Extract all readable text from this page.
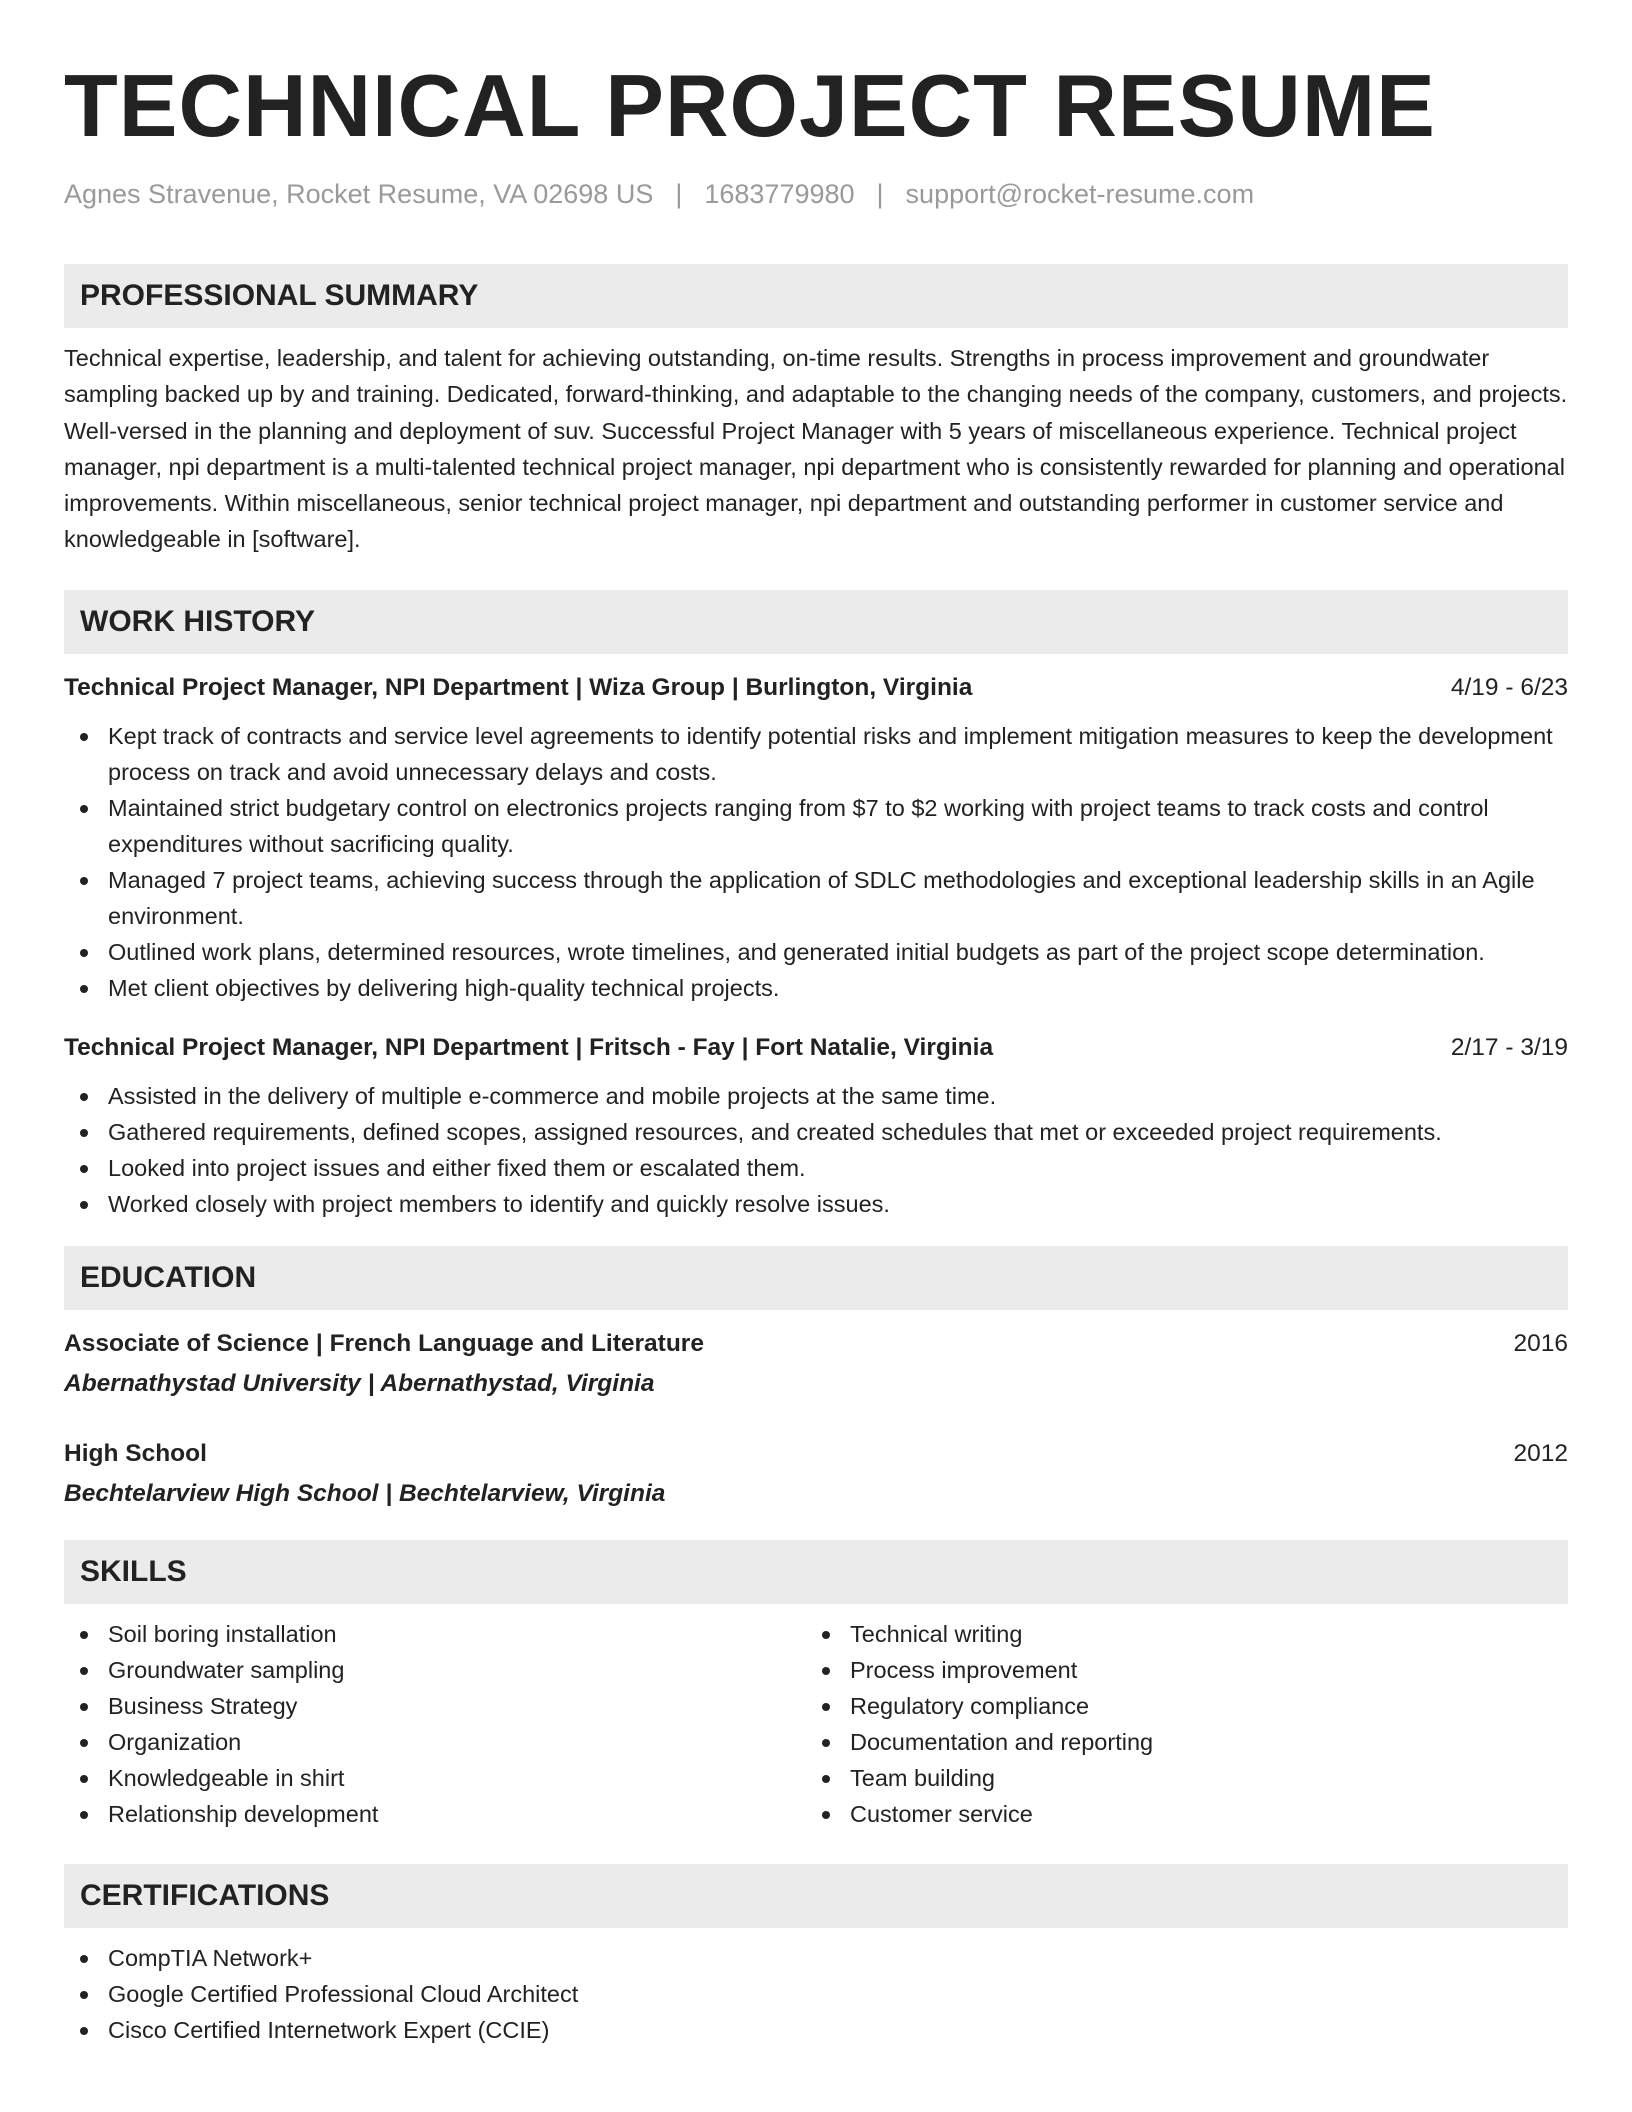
TECHNICAL PROJECT RESUME
Agnes Stravenue, Rocket Resume, VA 02698 US | 1683779980 | support@rocket-resume.com
PROFESSIONAL SUMMARY

Technical expertise, leadership, and talent for achieving outstanding, on-time results. Strengths in process improvement and groundwater sampling backed up by and training. Dedicated, forward-thinking, and adaptable to the changing needs of the company, customers, and projects. Well-versed in the planning and deployment of suv. Successful Project Manager with 5 years of miscellaneous experience. Technical project manager, npi department is a multi-talented technical project manager, npi department who is consistently rewarded for planning and operational improvements. Within miscellaneous, senior technical project manager, npi department and outstanding performer in customer service and knowledgeable in [software].

WORK HISTORY
Technical Project Manager, NPI Department | Wiza Group | Burlington, Virginia	4/19 - 6/23
Kept track of contracts and service level agreements to identify potential risks and implement mitigation measures to keep the development process on track and avoid unnecessary delays and costs.
Maintained strict budgetary control on electronics projects ranging from $7 to $2 working with project teams to track costs and control expenditures without sacrificing quality.
Managed 7 project teams, achieving success through the application of SDLC methodologies and exceptional leadership skills in an Agile environment.
Outlined work plans, determined resources, wrote timelines, and generated initial budgets as part of the project scope determination.
Met client objectives by delivering high-quality technical projects.
Technical Project Manager, NPI Department | Fritsch - Fay | Fort Natalie, Virginia	2/17 - 3/19
Assisted in the delivery of multiple e-commerce and mobile projects at the same time.
Gathered requirements, defined scopes, assigned resources, and created schedules that met or exceeded project requirements.
Looked into project issues and either fixed them or escalated them.
Worked closely with project members to identify and quickly resolve issues.
EDUCATION
Associate of Science | French Language and Literature	2016
Abernathystad University | Abernathystad, Virginia
High School	2012
Bechtelarview High School | Bechtelarview, Virginia
SKILLS
Soil boring installation
Groundwater sampling
Business Strategy
Organization
Knowledgeable in shirt
Relationship development
Technical writing
Process improvement
Regulatory compliance
Documentation and reporting
Team building
Customer service
CERTIFICATIONS
CompTIA Network+
Google Certified Professional Cloud Architect
Cisco Certified Internetwork Expert (CCIE)
